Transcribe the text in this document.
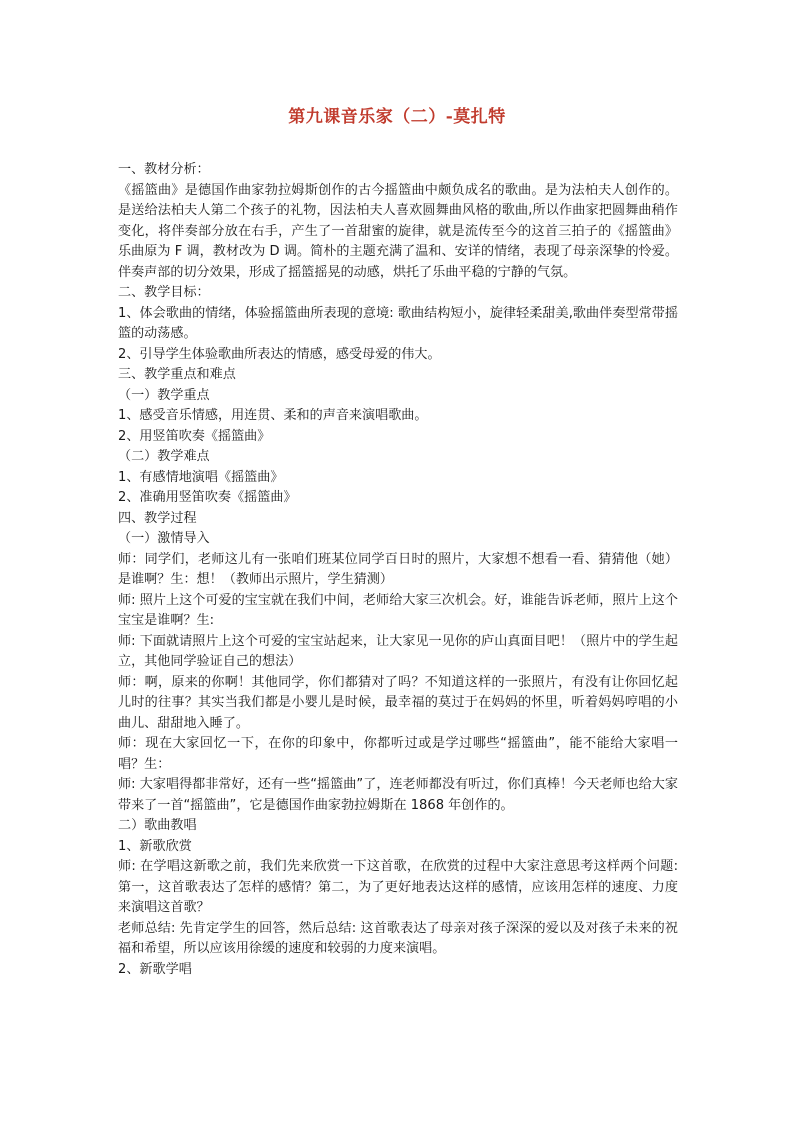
第九课音乐家（二）-莫扎特

一、教材分析：

《摇篮曲》是德国作曲家勃拉姆斯创作的古今摇篮曲中颇负成名的歌曲。是为法柏夫人创作的。是送给法柏夫人第二个孩子的礼物，因法柏夫人喜欢圆舞曲风格的歌曲,所以作曲家把圆舞曲稍作变化，将伴奏部分放在右手，产生了一首甜蜜的旋律，就是流传至今的这首三拍子的《摇篮曲》 乐曲原为 F 调，教材改为 D 调。简朴的主题充满了温和、安详的情绪，表现了母亲深挚的怜爱。伴奏声部的切分效果，形成了摇篮摇晃的动感，烘托了乐曲平稳的宁静的气氛。

二、教学目标：

1、体会歌曲的情绪，体验摇篮曲所表现的意境: 歌曲结构短小，旋律轻柔甜美,歌曲伴奏型常带摇篮的动荡感。

2、引导学生体验歌曲所表达的情感，感受母爱的伟大。

三、教学重点和难点

（一）教学重点

1、感受音乐情感，用连贯、柔和的声音来演唱歌曲。

2、用竖笛吹奏《摇篮曲》

（二）教学难点

1、有感情地演唱《摇篮曲》

2、准确用竖笛吹奏《摇篮曲》

四、教学过程

（一）激情导入

师：同学们，老师这儿有一张咱们班某位同学百日时的照片，大家想不想看一看、猜猜他（她）是谁啊？生：想！（教师出示照片，学生猜测）

师: 照片上这个可爱的宝宝就在我们中间，老师给大家三次机会。好，谁能告诉老师，照片上这个宝宝是谁啊？生:

师: 下面就请照片上这个可爱的宝宝站起来，让大家见一见你的庐山真面目吧！（照片中的学生起立，其他同学验证自己的想法）

师：啊，原来的你啊！其他同学，你们都猜对了吗？不知道这样的一张照片，有没有让你回忆起儿时的往事？其实当我们都是小婴儿是时候，最幸福的莫过于在妈妈的怀里，听着妈妈哼唱的小曲儿、甜甜地入睡了。

师：现在大家回忆一下，在你的印象中，你都听过或是学过哪些“摇篮曲”，能不能给大家唱一唱？生：

师: 大家唱得都非常好，还有一些“摇篮曲”了，连老师都没有听过，你们真棒！今天老师也给大家带来了一首“摇篮曲”，它是德国作曲家勃拉姆斯在 1868 年创作的。

二）歌曲教唱

1、新歌欣赏

师: 在学唱这新歌之前，我们先来欣赏一下这首歌，在欣赏的过程中大家注意思考这样两个问题: 第一，这首歌表达了怎样的感情？第二，为了更好地表达这样的感情，应该用怎样的速度、力度来演唱这首歌？

老师总结: 先肯定学生的回答，然后总结: 这首歌表达了母亲对孩子深深的爱以及对孩子未来的祝福和希望，所以应该用徐缓的速度和较弱的力度来演唱。

2、新歌学唱
